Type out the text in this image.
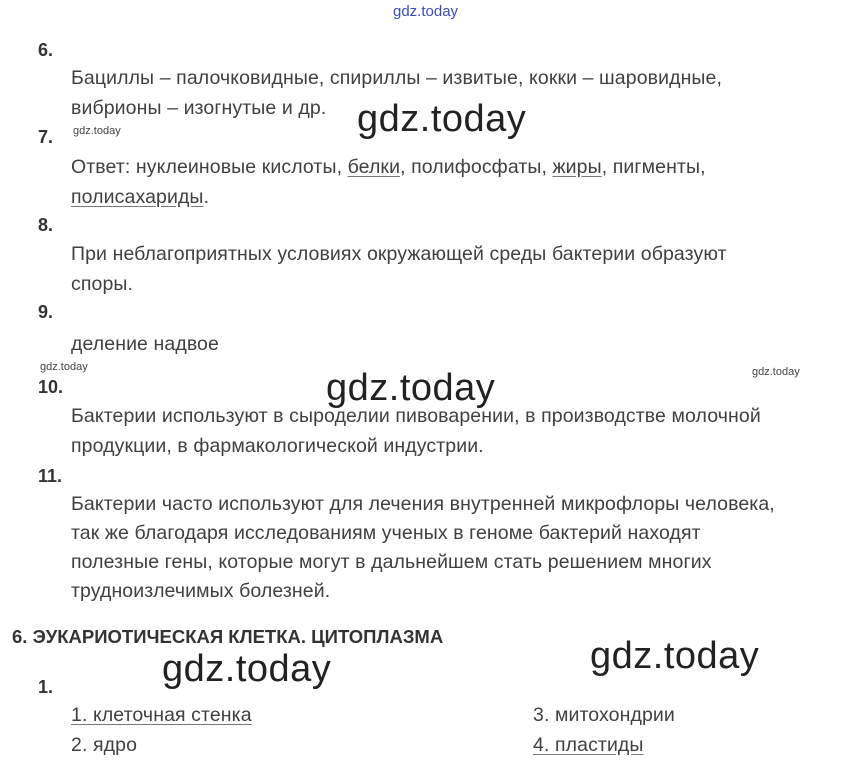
gdz.today
gdz.today
gdz.today	gdz.today
gdz.today
gdz.today
gdz.today
gdz.today
6.
Бациллы – палочковидные, спириллы – извитые, кокки – шаровидные,
вибрионы – изогнутые и др.
7.
Ответ: нуклеиновые кислоты, белки, полифосфаты, жиры, пигменты,
полисахариды.
8.
При неблагоприятных условиях окружающей среды бактерии образуют
споры.
9.
деление надвое
10.
Бактерии используют в сыроделии пивоварении, в производстве молочной
продукции, в фармакологической индустрии.
11.
Бактерии часто используют для лечения внутренней микрофлоры человека,
так же благодаря исследованиям ученых в геноме бактерий находят
полезные гены, которые могут в дальнейшем стать решением многих
трудноизлечимых болезней.
6. ЭУКАРИОТИЧЕСКАЯ КЛЕТКА. ЦИТОПЛАЗМА
1.
1. клеточная стенка
2. ядро
3. митохондрии
4. пластиды
